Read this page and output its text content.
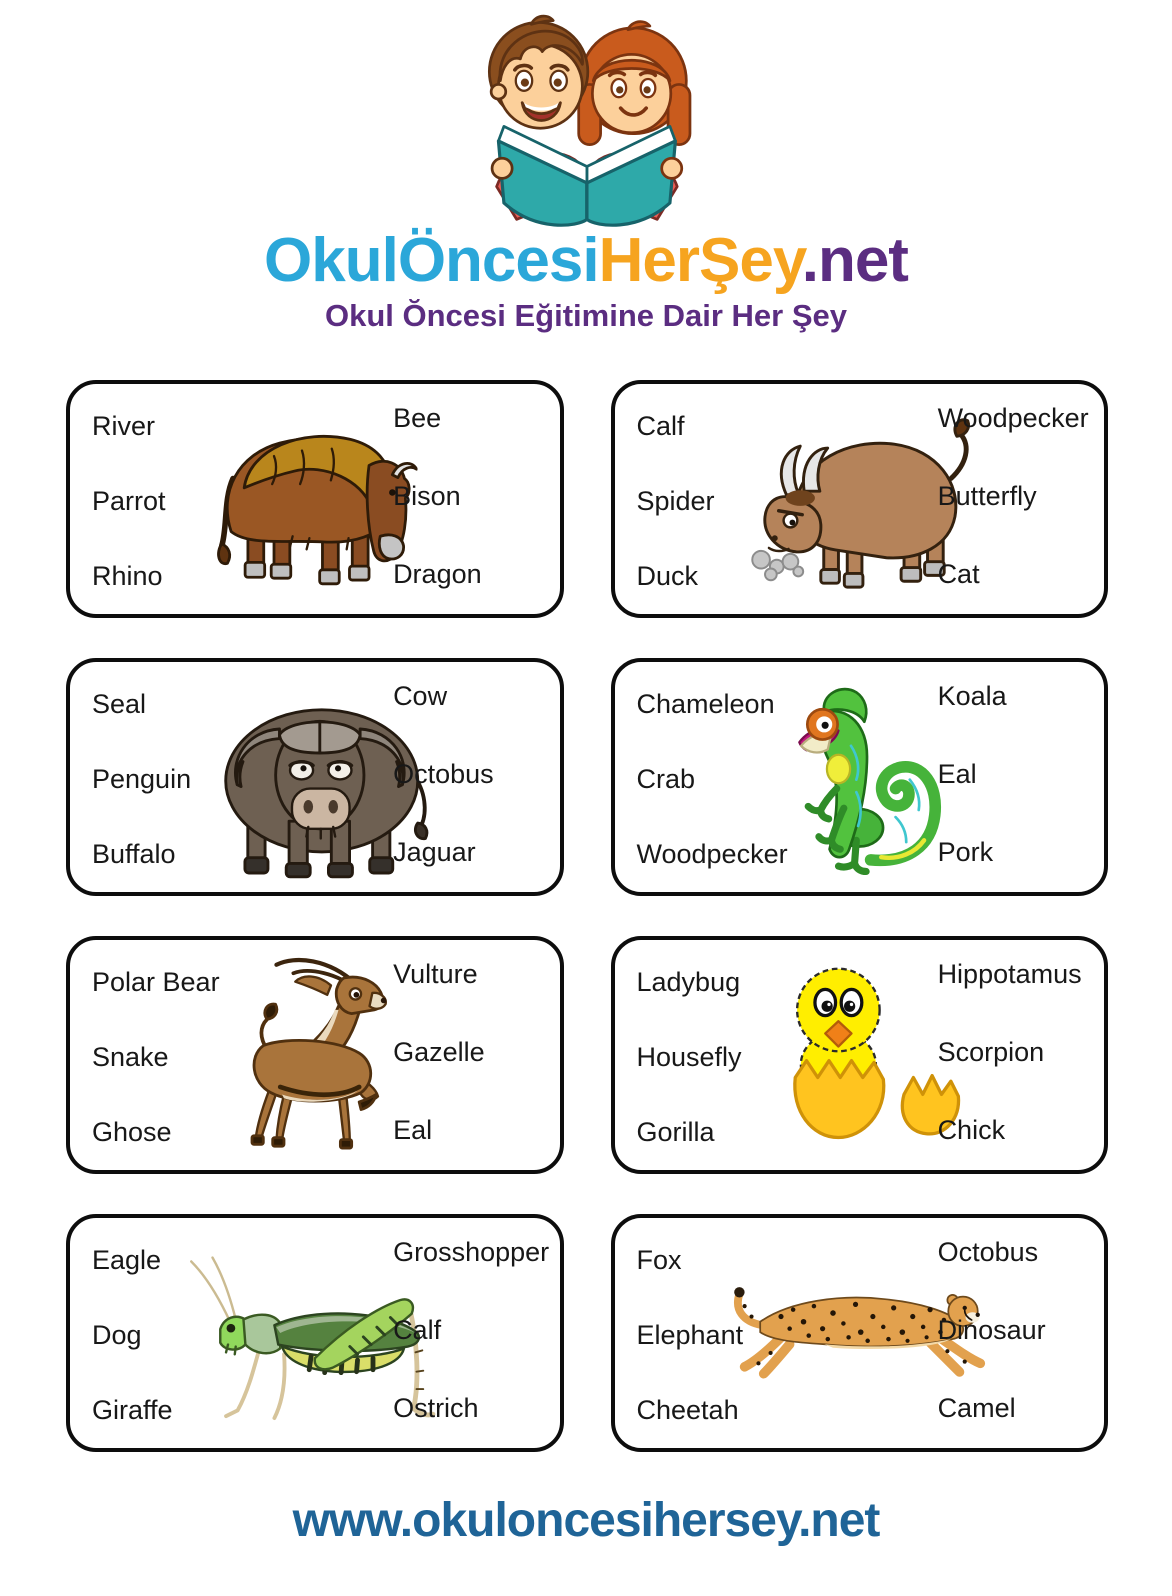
OkulÖncesiHerŞey.net
Okul Ŏncesi Eğitimine Dair Her Şey
River
Parrot
Rhino
Bee
Bison
Dragon
Calf
Spider
Duck
Woodpecker
Butterfly
Cat
Seal
Penguin
Buffalo
Cow
Octobus
Jaguar
Chameleon
Crab
Woodpecker
Koala
Eal
Pork
Polar Bear
Snake
Ghose
Vulture
Gazelle
Eal
Ladybug
Housefly
Gorilla
Hippotamus
Scorpion
Chick
Eagle
Dog
Giraffe
Grosshopper
Calf
Ostrich
Fox
Elephant
Cheetah
Octobus
Dinosaur
Camel
www.okuloncesihersey.net
